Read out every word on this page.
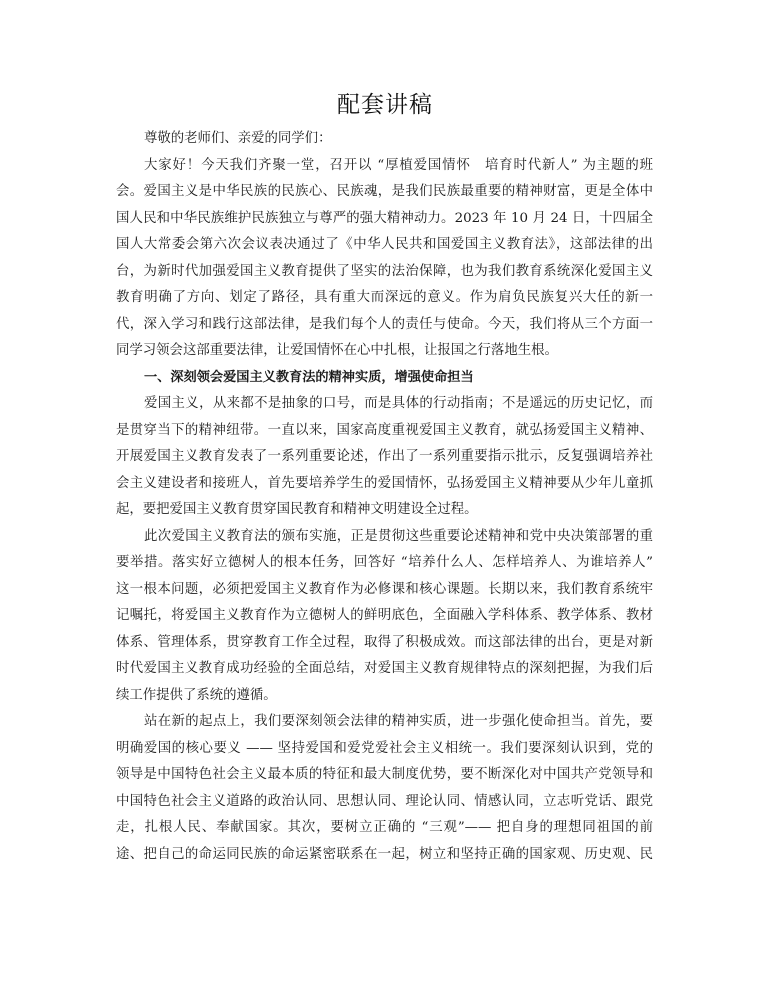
配套讲稿
尊敬的老师们、亲爱的同学们：
大家好！今天我们齐聚一堂，召开以 “厚植爱国情怀　培育时代新人” 为主题的班
会。爱国主义是中华民族的民族心、民族魂，是我们民族最重要的精神财富，更是全体中
国人民和中华民族维护民族独立与尊严的强大精神动力。2023 年 10 月 24 日，十四届全
国人大常委会第六次会议表决通过了《中华人民共和国爱国主义教育法》，这部法律的出
台，为新时代加强爱国主义教育提供了坚实的法治保障，也为我们教育系统深化爱国主义
教育明确了方向、划定了路径，具有重大而深远的意义。作为肩负民族复兴大任的新一
代，深入学习和践行这部法律，是我们每个人的责任与使命。今天，我们将从三个方面一
同学习领会这部重要法律，让爱国情怀在心中扎根，让报国之行落地生根。
一、深刻领会爱国主义教育法的精神实质，增强使命担当
爱国主义，从来都不是抽象的口号，而是具体的行动指南；不是遥远的历史记忆，而
是贯穿当下的精神纽带。一直以来，国家高度重视爱国主义教育，就弘扬爱国主义精神、
开展爱国主义教育发表了一系列重要论述，作出了一系列重要指示批示，反复强调培养社
会主义建设者和接班人，首先要培养学生的爱国情怀，弘扬爱国主义精神要从少年儿童抓
起，要把爱国主义教育贯穿国民教育和精神文明建设全过程。
此次爱国主义教育法的颁布实施，正是贯彻这些重要论述精神和党中央决策部署的重
要举措。落实好立德树人的根本任务，回答好 “培养什么人、怎样培养人、为谁培养人”
这一根本问题，必须把爱国主义教育作为必修课和核心课题。长期以来，我们教育系统牢
记嘱托，将爱国主义教育作为立德树人的鲜明底色，全面融入学科体系、教学体系、教材
体系、管理体系，贯穿教育工作全过程，取得了积极成效。而这部法律的出台，更是对新
时代爱国主义教育成功经验的全面总结，对爱国主义教育规律特点的深刻把握，为我们后
续工作提供了系统的遵循。
站在新的起点上，我们要深刻领会法律的精神实质，进一步强化使命担当。首先，要
明确爱国的核心要义 —— 坚持爱国和爱党爱社会主义相统一。我们要深刻认识到，党的
领导是中国特色社会主义最本质的特征和最大制度优势，要不断深化对中国共产党领导和
中国特色社会主义道路的政治认同、思想认同、理论认同、情感认同，立志听党话、跟党
走，扎根人民、奉献国家。其次，要树立正确的 “三观”—— 把自身的理想同祖国的前
途、把自己的命运同民族的命运紧密联系在一起，树立和坚持正确的国家观、历史观、民
